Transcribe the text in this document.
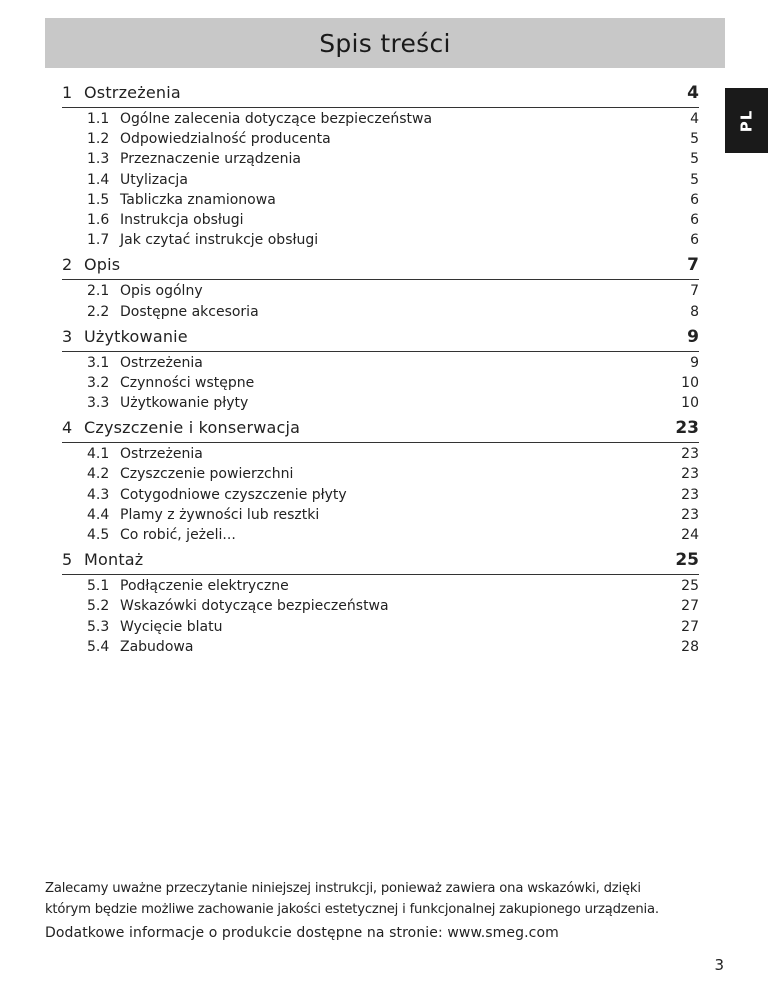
Spis treści
PL
1 Ostrzeżenia	4
1.1 Ogólne zalecenia dotyczące bezpieczeństwa	4
1.2 Odpowiedzialność producenta	5
1.3 Przeznaczenie urządzenia	5
1.4 Utylizacja	5
1.5 Tabliczka znamionowa	6
1.6 Instrukcja obsługi	6
1.7 Jak czytać instrukcje obsługi	6
2 Opis	7
2.1 Opis ogólny	7
2.2 Dostępne akcesoria	8
3 Użytkowanie	9
3.1 Ostrzeżenia	9
3.2 Czynności wstępne	10
3.3 Użytkowanie płyty	10
4 Czyszczenie i konserwacja	23
4.1 Ostrzeżenia	23
4.2 Czyszczenie powierzchni	23
4.3 Cotygodniowe czyszczenie płyty	23
4.4 Plamy z żywności lub resztki	23
4.5 Co robić, jeżeli...	24
5 Montaż	25
5.1 Podłączenie elektryczne	25
5.2 Wskazówki dotyczące bezpieczeństwa	27
5.3 Wycięcie blatu	27
5.4 Zabudowa	28
Zalecamy uważne przeczytanie niniejszej instrukcji, ponieważ zawiera ona wskazówki, dzięki
którym będzie możliwe zachowanie jakości estetycznej i funkcjonalnej zakupionego urządzenia.
Dodatkowe informacje o produkcie dostępne na stronie: www.smeg.com
3
